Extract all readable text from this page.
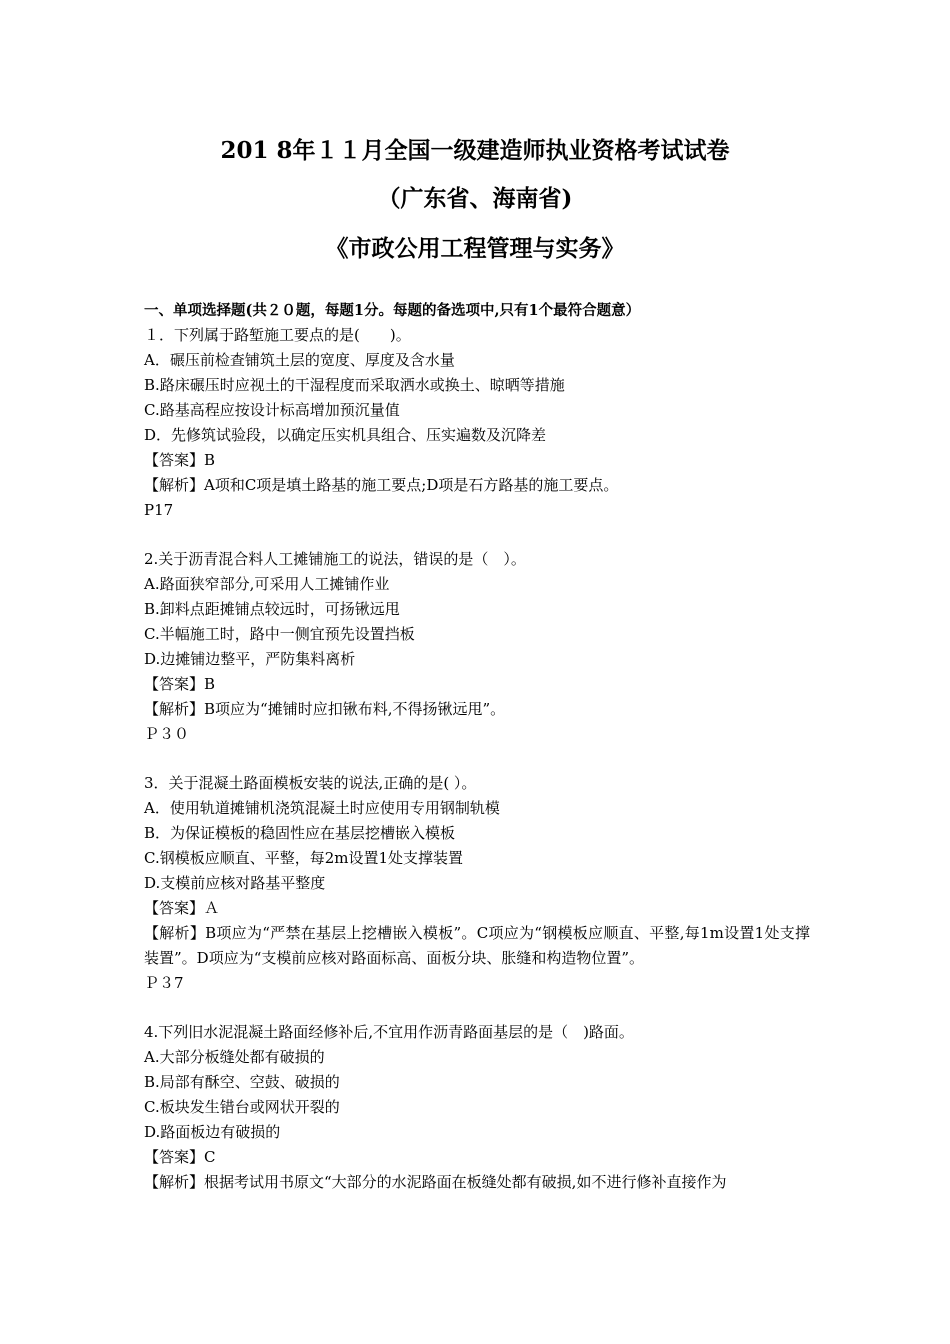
201 8年１１月全国一级建造师执业资格考试试卷
（广东省、海南省)
《市政公用工程管理与实务》
一、单项选择题(共２０题，每题1分。每题的备选项中,只有1个最符合题意）
１．下列属于路堑施工要点的是(　　)。
A．碾压前检查铺筑土层的宽度、厚度及含水量
B.路床碾压时应视土的干湿程度而采取洒水或换土、晾晒等措施
C.路基高程应按设计标高增加预沉量值
D．先修筑试验段，以确定压实机具组合、压实遍数及沉降差
【答案】B
【解析】A项和C项是填土路基的施工要点;D项是石方路基的施工要点。
P17
2.关于沥青混合料人工摊铺施工的说法，错误的是（　）。
A.路面狭窄部分,可采用人工摊铺作业
B.卸料点距摊铺点较远时，可扬锹远甩
C.半幅施工时，路中一侧宜预先设置挡板
D.边摊铺边整平，严防集料离析
【答案】B
【解析】B项应为“摊铺时应扣锹布料,不得扬锹远甩”。
Ｐ３０
3．关于混凝土路面模板安装的说法,正确的是( ）。
A．使用轨道摊铺机浇筑混凝土时应使用专用钢制轨模
B．为保证模板的稳固性应在基层挖槽嵌入模板
C.钢模板应顺直、平整，每2m设置1处支撑装置
D.支模前应核对路基平整度
【答案】Ａ
【解析】B项应为“严禁在基层上挖槽嵌入模板”。C项应为“钢模板应顺直、平整,每1m设置1处支撑装置”。D项应为“支模前应核对路面标高、面板分块、胀缝和构造物位置”。
Ｐ３7
4.下列旧水泥混凝土路面经修补后,不宜用作沥青路面基层的是（　)路面。
A.大部分板缝处都有破损的
B.局部有酥空、空鼓、破损的
C.板块发生错台或网状开裂的
D.路面板边有破损的
【答案】C
【解析】根据考试用书原文“大部分的水泥路面在板缝处都有破损,如不进行修补直接作为
